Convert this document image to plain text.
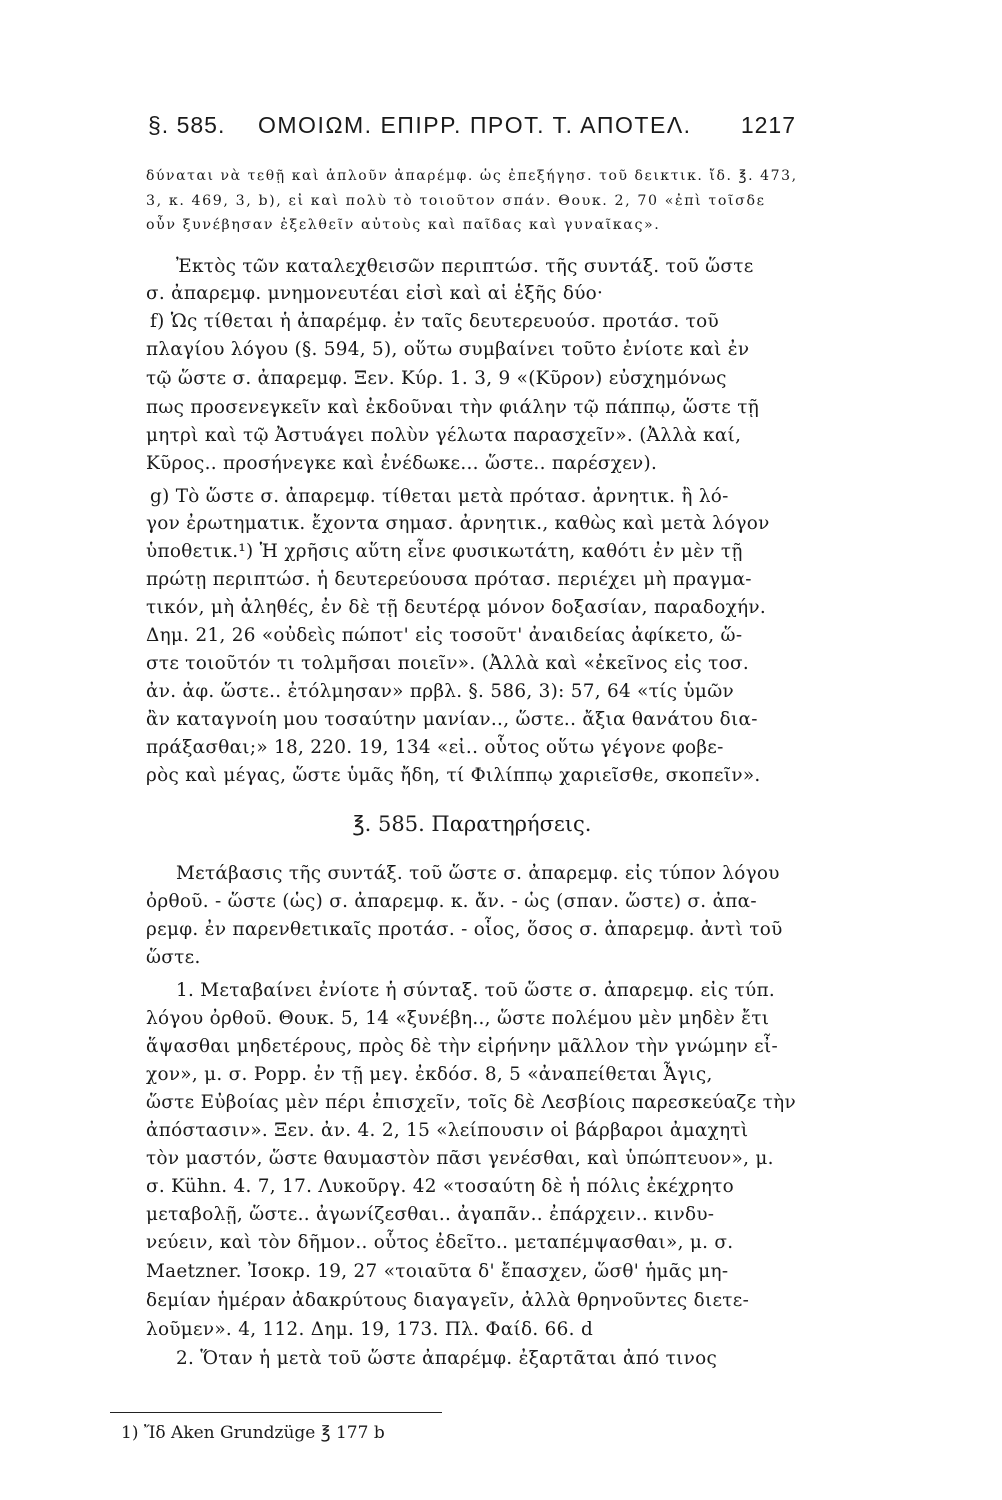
§. 585. ΟΜΟΙΩΜ. ΕΠΙΡΡ. ΠΡΟΤ. Τ. ΑΠΟΤΕΛ. 1217
δύναται νὰ τεθῇ καὶ ἁπλοῦν ἀπαρέμφ. ὡς ἐπεξήγησ. τοῦ δεικτικ. ἴδ. ℥. 473,
3, κ. 469, 3, b), εἰ καὶ πολὺ τὸ τοιοῦτον σπάν. Θουκ. 2, 70 «ἐπὶ τοῖσδε
οὖν ξυνέβησαν ἐξελθεῖν αὐτοὺς καὶ παῖδας καὶ γυναῖκας».
Ἐκτὸς τῶν καταλεχθεισῶν περιπτώσ. τῆς συντάξ. τοῦ ὥστε
σ. ἀπαρεμφ. μνημονευτέαι εἰσὶ καὶ αἱ ἑξῆς δύο·
f) Ὡς τίθεται ἡ ἀπαρέμφ. ἐν ταῖς δευτερευούσ. προτάσ. τοῦ
πλαγίου λόγου (§. 594, 5), οὕτω συμβαίνει τοῦτο ἐνίοτε καὶ ἐν
τῷ ὥστε σ. ἀπαρεμφ. Ξεν. Κύρ. 1. 3, 9 «(Κῦρον) εὐσχημόνως
πως προσενεγκεῖν καὶ ἐκδοῦναι τὴν φιάλην τῷ πάππῳ, ὥστε τῇ
μητρὶ καὶ τῷ Ἀστυάγει πολὺν γέλωτα παρασχεῖν». (Ἀλλὰ καί,
Κῦρος.. προσήνεγκε καὶ ἐνέδωκε... ὥστε.. παρέσχεν).
g) Τὸ ὥστε σ. ἀπαρεμφ. τίθεται μετὰ πρότασ. ἀρνητικ. ἢ λό-
γον ἐρωτηματικ. ἔχοντα σημασ. ἀρνητικ., καθὼς καὶ μετὰ λόγον
ὑποθετικ.¹) Ἡ χρῆσις αὕτη εἶνε φυσικωτάτη, καθότι ἐν μὲν τῇ
πρώτῃ περιπτώσ. ἡ δευτερεύουσα πρότασ. περιέχει μὴ πραγμα-
τικόν, μὴ ἀληθές, ἐν δὲ τῇ δευτέρᾳ μόνον δοξασίαν, παραδοχήν.
Δημ. 21, 26 «οὐδεὶς πώποτ' εἰς τοσοῦτ' ἀναιδείας ἀφίκετο, ὥ-
στε τοιοῦτόν τι τολμῆσαι ποιεῖν». (Ἀλλὰ καὶ «ἐκεῖνος εἰς τοσ.
ἀν. ἀφ. ὥστε.. ἐτόλμησαν» πρβλ. §. 586, 3): 57, 64 «τίς ὑμῶν
ἂν καταγνοίη μου τοσαύτην μανίαν.., ὥστε.. ἄξια θανάτου δια-
πράξασθαι;» 18, 220. 19, 134 «εἰ.. οὗτος οὕτω γέγονε φοβε-
ρὸς καὶ μέγας, ὥστε ὑμᾶς ἤδη, τί Φιλίππῳ χαριεῖσθε, σκοπεῖν».
℥. 585. Παρατηρήσεις.
Μετάβασις τῆς συντάξ. τοῦ ὥστε σ. ἀπαρεμφ. εἰς τύπον λόγου
ὀρθοῦ. - ὥστε (ὡς) σ. ἀπαρεμφ. κ. ἄν. - ὡς (σπαν. ὥστε) σ. ἀπα-
ρεμφ. ἐν παρενθετικαῖς προτάσ. - οἷος, ὅσος σ. ἀπαρεμφ. ἀντὶ τοῦ
ὥστε.
1. Μεταβαίνει ἐνίοτε ἡ σύνταξ. τοῦ ὥστε σ. ἀπαρεμφ. εἰς τύπ.
λόγου ὀρθοῦ. Θουκ. 5, 14 «ξυνέβη.., ὥστε πολέμου μὲν μηδὲν ἔτι
ἅψασθαι μηδετέρους, πρὸς δὲ τὴν εἰρήνην μᾶλλον τὴν γνώμην εἶ-
χον», μ. σ. Popp. ἐν τῇ μεγ. ἐκδόσ. 8, 5 «ἀναπείθεται Ἆγις,
ὥστε Εὐβοίας μὲν πέρι ἐπισχεῖν, τοῖς δὲ Λεσβίοις παρεσκεύαζε τὴν
ἀπόστασιν». Ξεν. ἀν. 4. 2, 15 «λείπουσιν οἱ βάρβαροι ἀμαχητὶ
τὸν μαστόν, ὥστε θαυμαστὸν πᾶσι γενέσθαι, καὶ ὑπώπτευον», μ.
σ. Kühn. 4. 7, 17. Λυκοῦργ. 42 «τοσαύτη δὲ ἡ πόλις ἐκέχρητο
μεταβολῇ, ὥστε.. ἀγωνίζεσθαι.. ἀγαπᾶν.. ἐπάρχειν.. κινδυ-
νεύειν, καὶ τὸν δῆμον.. οὗτος ἐδεῖτο.. μεταπέμψασθαι», μ. σ.
Maetzner. Ἰσοκρ. 19, 27 «τοιαῦτα δ' ἔπασχεν, ὥσθ' ἡμᾶς μη-
δεμίαν ἡμέραν ἀδακρύτους διαγαγεῖν, ἀλλὰ θρηνοῦντες διετε-
λοῦμεν». 4, 112. Δημ. 19, 173. Πλ. Φαίδ. 66. d
2. Ὅταν ἡ μετὰ τοῦ ὥστε ἀπαρέμφ. ἐξαρτᾶται ἀπό τινος
1) Ἴδ Aken Grundzüge ℥ 177 b
